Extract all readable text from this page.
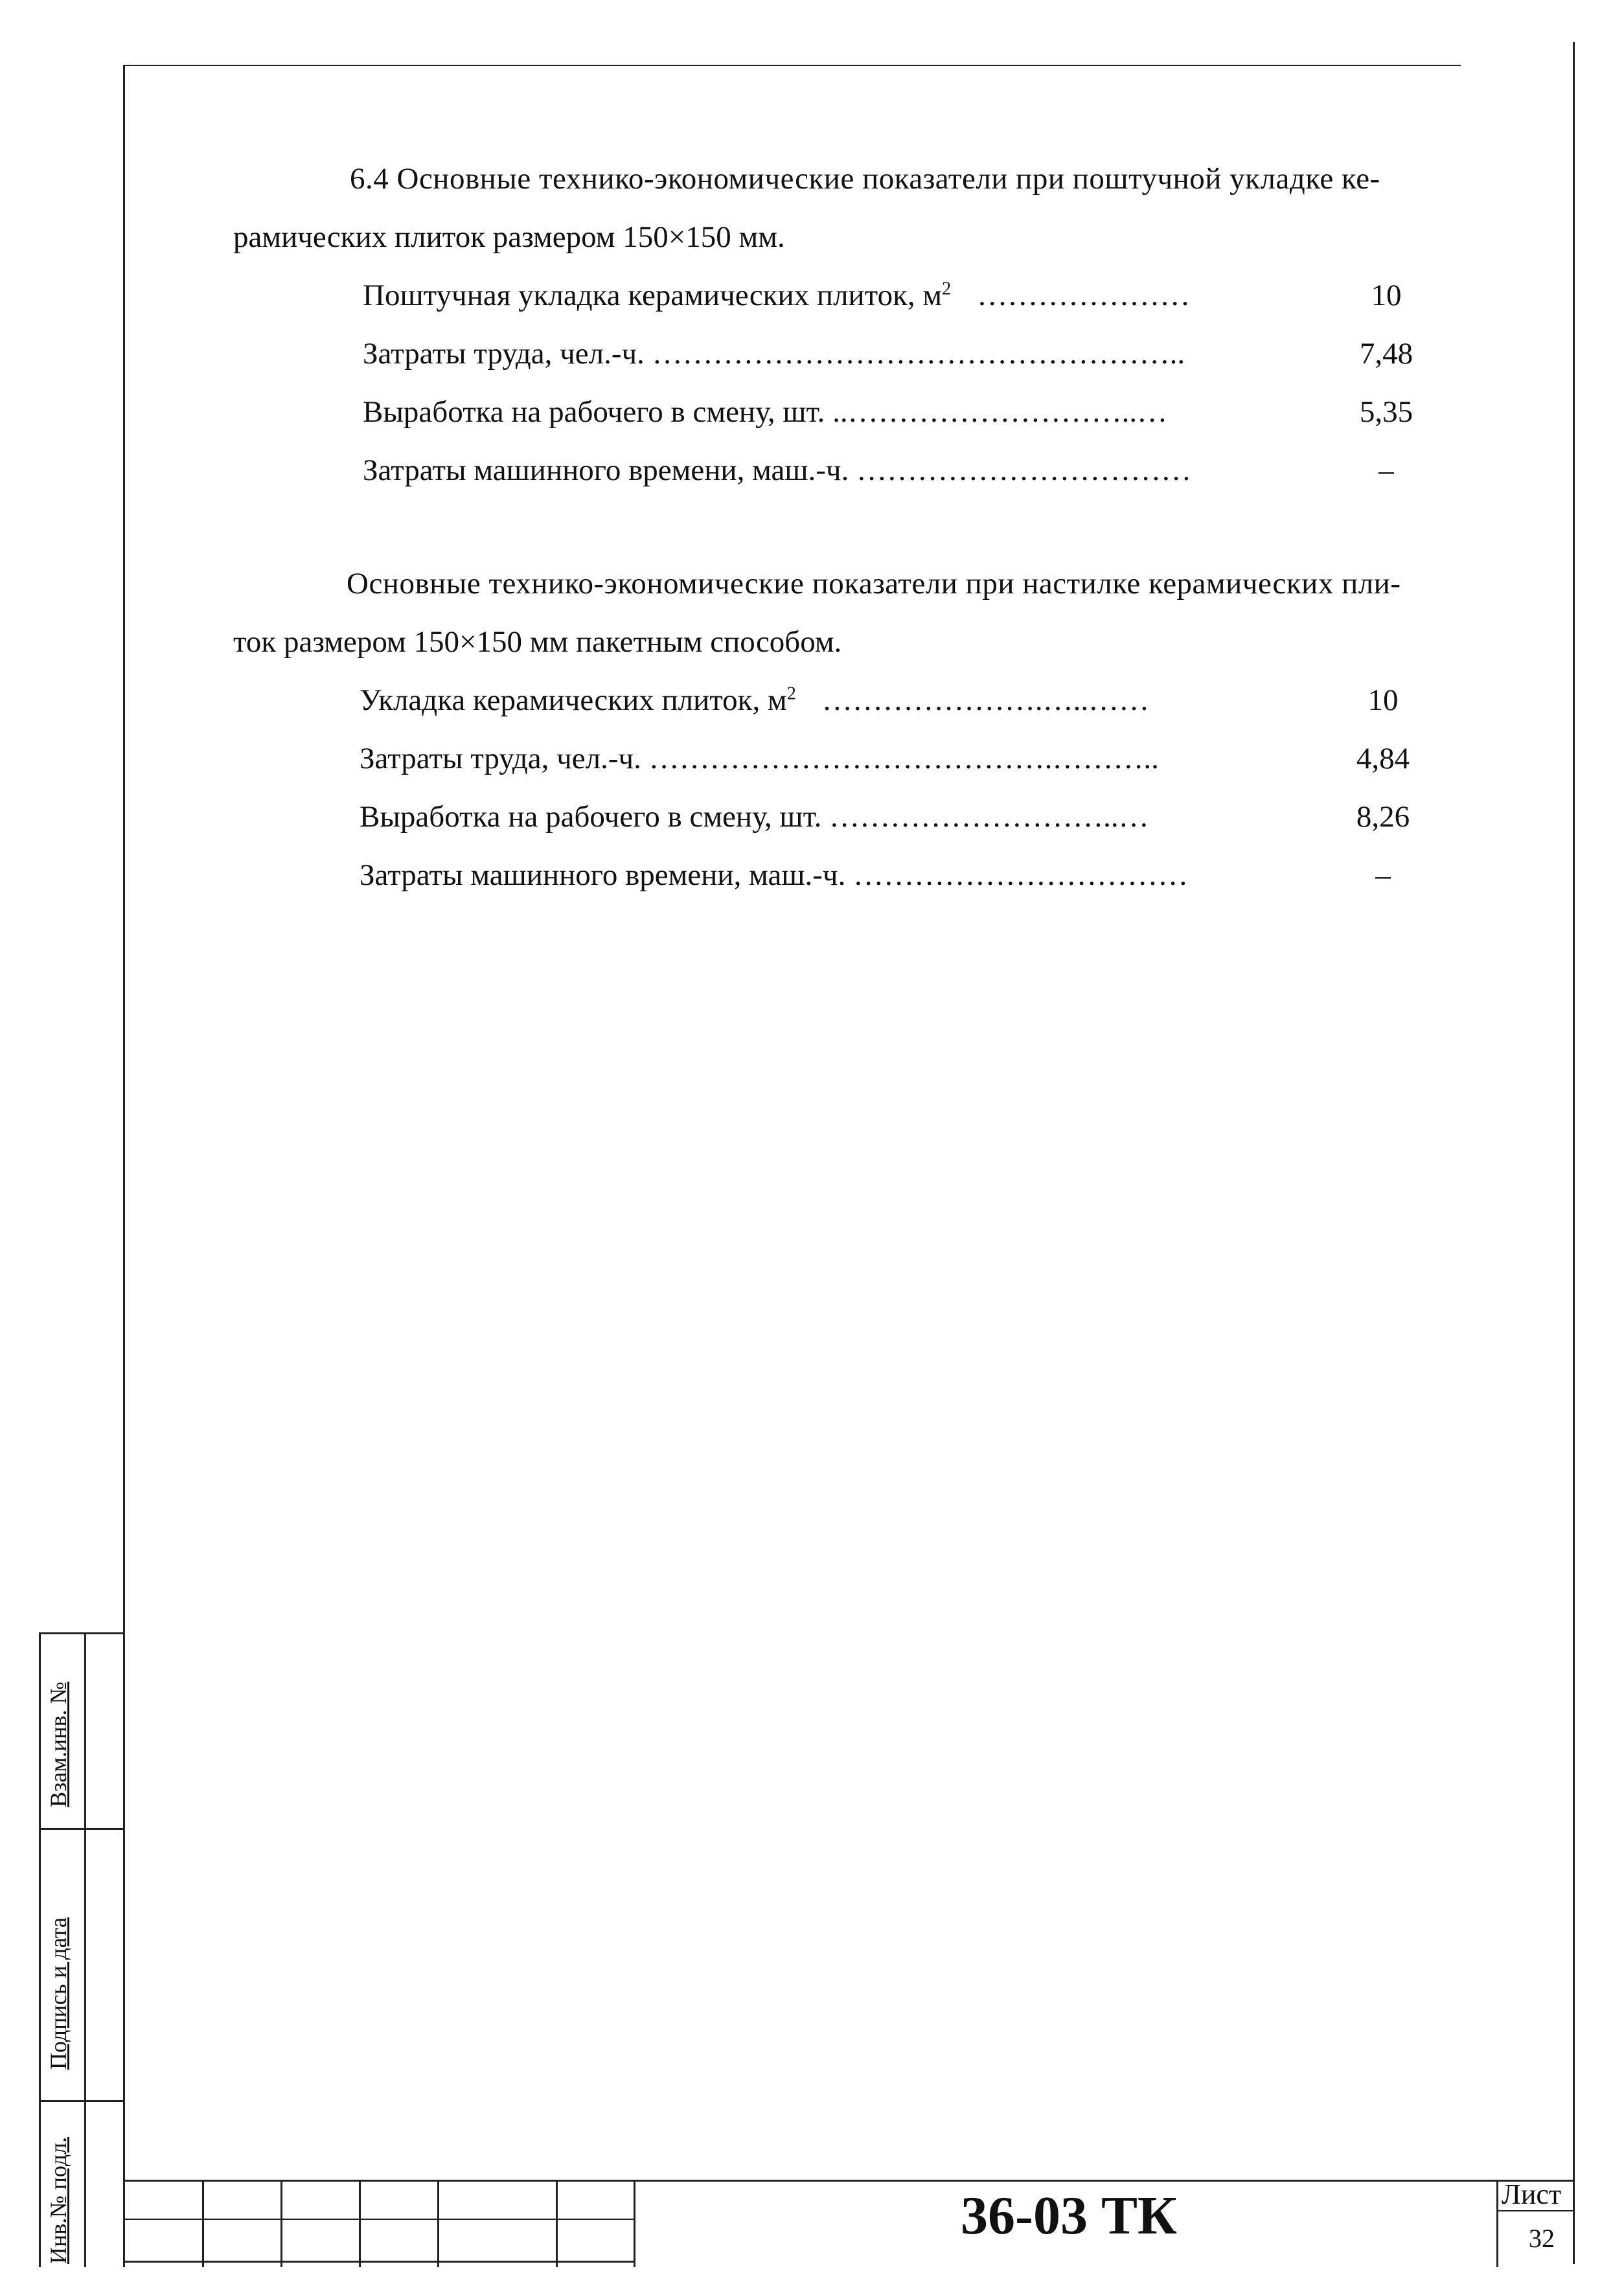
6.4 Основные технико-экономические показатели при поштучной укладке ке-
рамических плиток размером 150×150 мм.
Поштучная укладка керамических плиток, $м^2$ …………………	10
Затраты труда, чел.-ч. ……………………………………………..	7,48
Выработка на рабочего в смену, шт. ..………………………..…	5,35
Затраты машинного времени, маш.-ч. ……………………………	–
Основные технико-экономические показатели при настилке керамических пли-
ток размером 150×150 мм пакетным способом.
Укладка керамических плиток, $м^2$ ………………….…..……	10
Затраты труда, чел.-ч. ………………………………….………..	4,84
Выработка на рабочего в смену, шт. ………………………..…	8,26
Затраты машинного времени, маш.-ч. ……………………………	–
Взам.инв. №
Подпись и дата
Инв.№ подл.	36-03 ТК	Лист
32
